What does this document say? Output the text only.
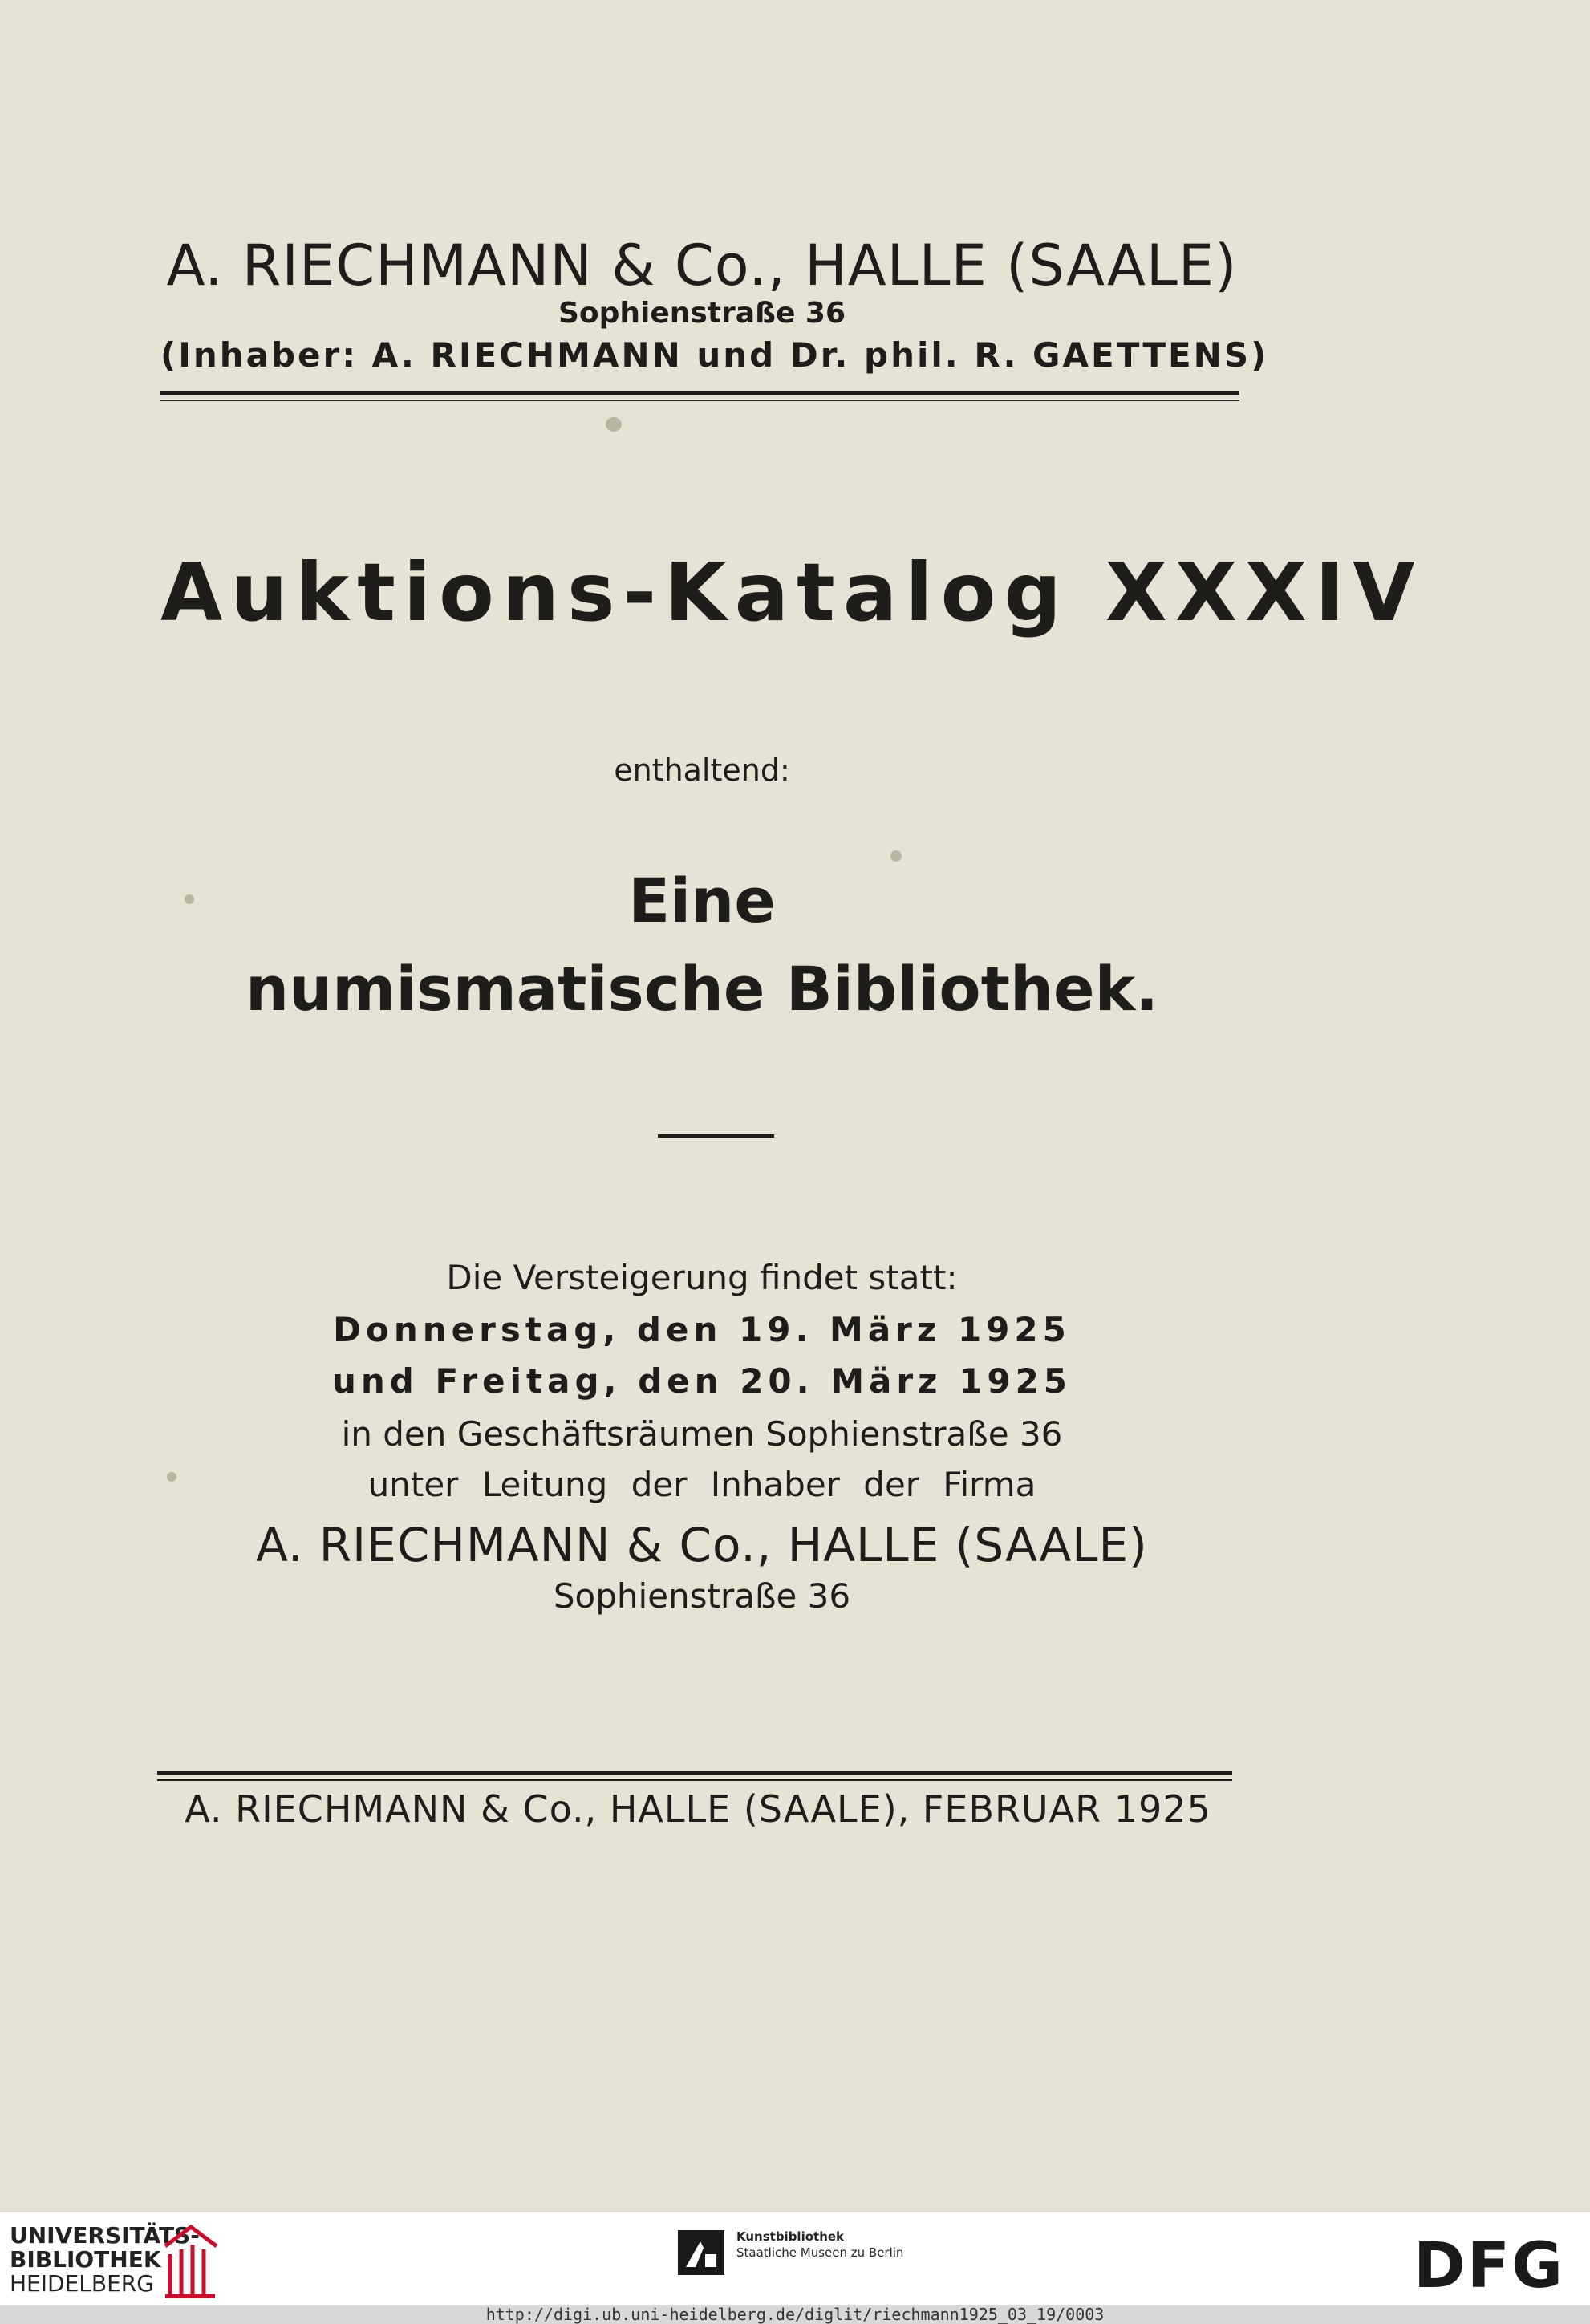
A. RIECHMANN & Co., HALLE (SAALE)
Sophienstraße 36
(Inhaber: A. RIECHMANN und Dr. phil. R. GAETTENS)
Auktions-Katalog XXXIV
enthaltend:
Eine
numismatische Bibliothek.
Die Versteigerung findet statt:
Donnerstag, den 19. März 1925
und Freitag, den 20. März 1925
in den Geschäftsräumen Sophienstraße 36
unter Leitung der Inhaber der Firma
A. RIECHMANN & Co., HALLE (SAALE)
Sophienstraße 36
A. RIECHMANN & Co., HALLE (SAALE), FEBRUAR 1925
UNIVERSITÄTS-
BIBLIOTHEK
HEIDELBERG
Kunstbibliothek
Staatliche Museen zu Berlin	DFG
http://digi.ub.uni-heidelberg.de/diglit/riechmann1925_03_19/0003
